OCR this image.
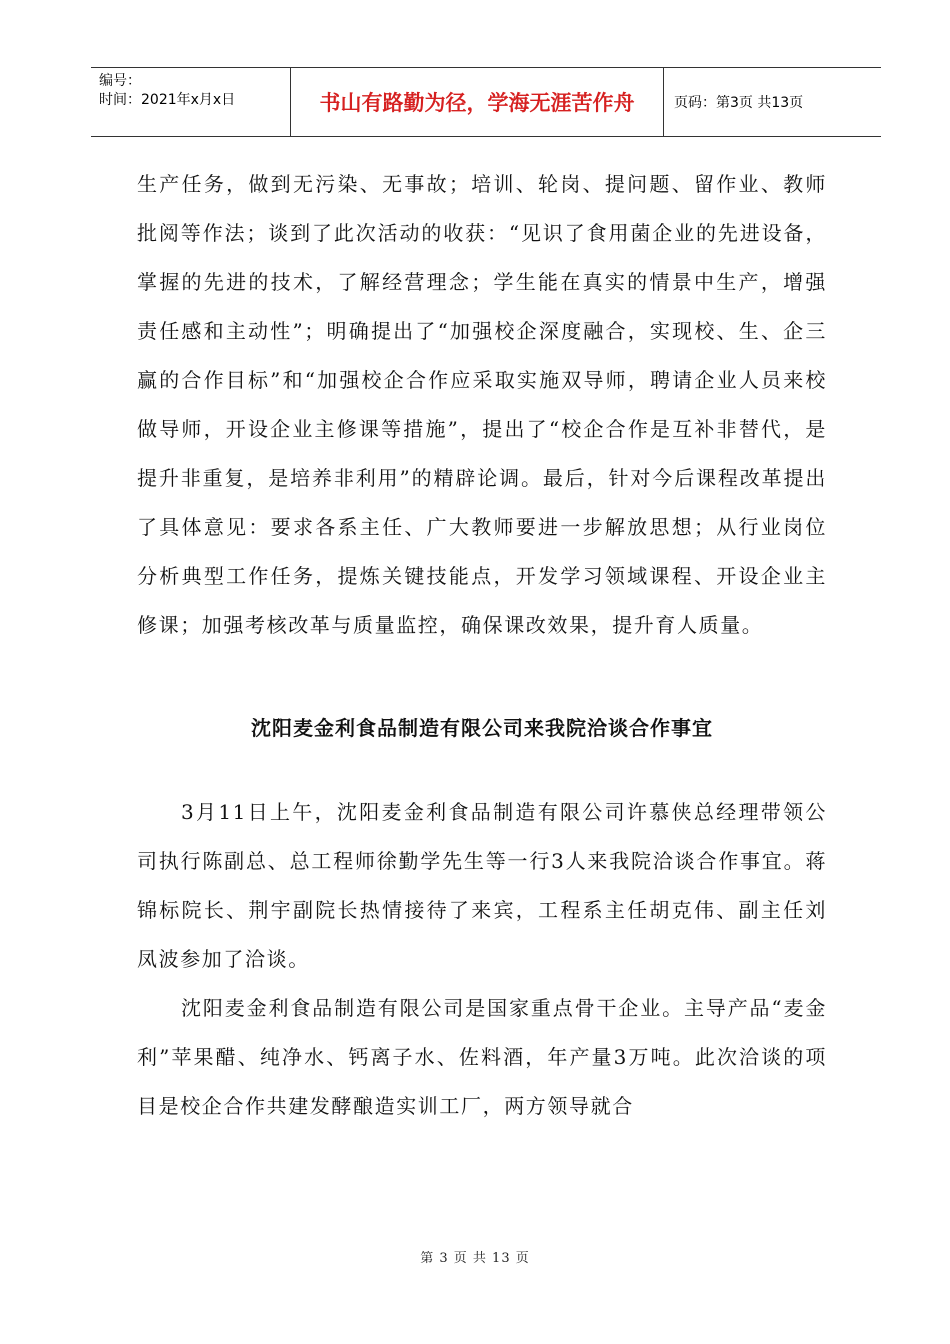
编号：
时间：2021年x月x日	书山有路勤为径，学海无涯苦作舟	页码：第3页 共13页

生产任务，做到无污染、无事故；培训、轮岗、提问题、留作业、教师批阅等作法；谈到了此次活动的收获：“见识了食用菌企业的先进设备，掌握的先进的技术，了解经营理念；学生能在真实的情景中生产，增强责任感和主动性”；明确提出了“加强校企深度融合，实现校、生、企三赢的合作目标”和“加强校企合作应采取实施双导师，聘请企业人员来校做导师，开设企业主修课等措施”，提出了“校企合作是互补非替代，是提升非重复，是培养非利用”的精辟论调。最后，针对今后课程改革提出了具体意见：要求各系主任、广大教师要进一步解放思想；从行业岗位分析典型工作任务，提炼关键技能点，开发学习领域课程、开设企业主修课；加强考核改革与质量监控，确保课改效果，提升育人质量。

沈阳麦金利食品制造有限公司来我院洽谈合作事宜

3月11日上午，沈阳麦金利食品制造有限公司许慕侠总经理带领公司执行陈副总、总工程师徐勤学先生等一行3人来我院洽谈合作事宜。蒋锦标院长、荆宇副院长热情接待了来宾，工程系主任胡克伟、副主任刘凤波参加了洽谈。

沈阳麦金利食品制造有限公司是国家重点骨干企业。主导产品“麦金利”苹果醋、纯净水、钙离子水、佐料酒，年产量3万吨。此次洽谈的项目是校企合作共建发酵酿造实训工厂，两方领导就合

第 3 页 共 13 页
